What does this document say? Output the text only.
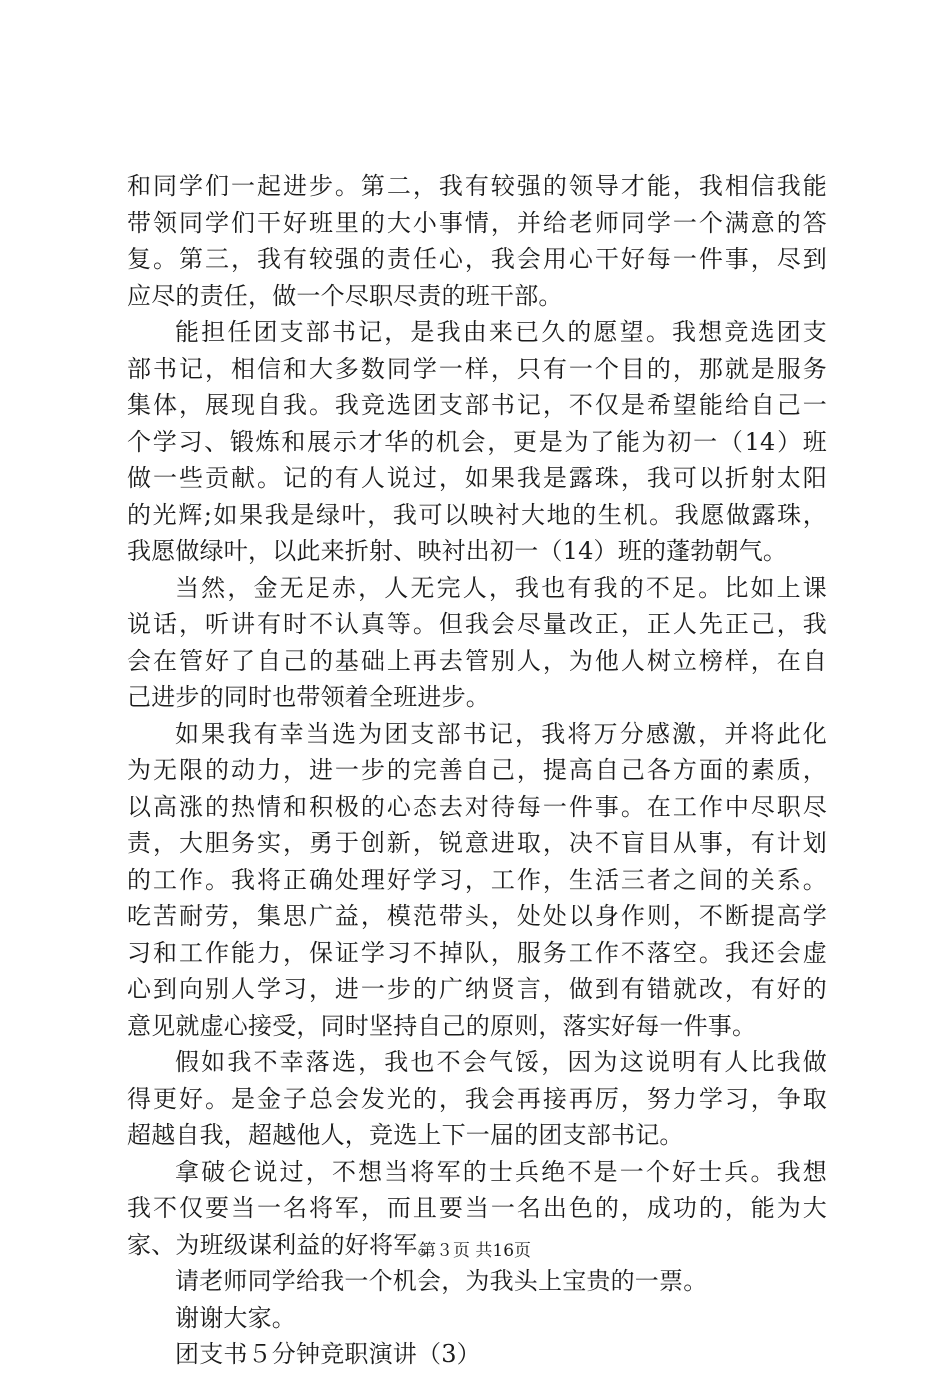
和同学们一起进步。第二，我有较强的领导才能，我相信我能
带领同学们干好班里的大小事情，并给老师同学一个满意的答
复。第三，我有较强的责任心，我会用心干好每一件事，尽到
应尽的责任，做一个尽职尽责的班干部。
能担任团支部书记，是我由来已久的愿望。我想竞选团支
部书记，相信和大多数同学一样，只有一个目的，那就是服务
集体，展现自我。我竞选团支部书记，不仅是希望能给自己一
个学习、锻炼和展示才华的机会，更是为了能为初一（14）班
做一些贡献。记的有人说过，如果我是露珠，我可以折射太阳
的光辉;如果我是绿叶，我可以映衬大地的生机。我愿做露珠，
我愿做绿叶，以此来折射、映衬出初一（14）班的蓬勃朝气。
当然，金无足赤，人无完人，我也有我的不足。比如上课
说话，听讲有时不认真等。但我会尽量改正，正人先正己，我
会在管好了自己的基础上再去管别人，为他人树立榜样，在自
己进步的同时也带领着全班进步。
如果我有幸当选为团支部书记，我将万分感激，并将此化
为无限的动力，进一步的完善自己，提高自己各方面的素质，
以高涨的热情和积极的心态去对待每一件事。在工作中尽职尽
责，大胆务实，勇于创新，锐意进取，决不盲目从事，有计划
的工作。我将正确处理好学习，工作，生活三者之间的关系。
吃苦耐劳，集思广益，模范带头，处处以身作则，不断提高学
习和工作能力，保证学习不掉队，服务工作不落空。我还会虚
心到向别人学习，进一步的广纳贤言，做到有错就改，有好的
意见就虚心接受，同时坚持自己的原则，落实好每一件事。
假如我不幸落选，我也不会气馁，因为这说明有人比我做
得更好。是金子总会发光的，我会再接再厉，努力学习，争取
超越自我，超越他人，竞选上下一届的团支部书记。
拿破仑说过，不想当将军的士兵绝不是一个好士兵。我想
我不仅要当一名将军，而且要当一名出色的，成功的，能为大
家、为班级谋利益的好将军。
请老师同学给我一个机会，为我头上宝贵的一票。
谢谢大家。
团支书５分钟竞职演讲（3）
第３页 共16页
